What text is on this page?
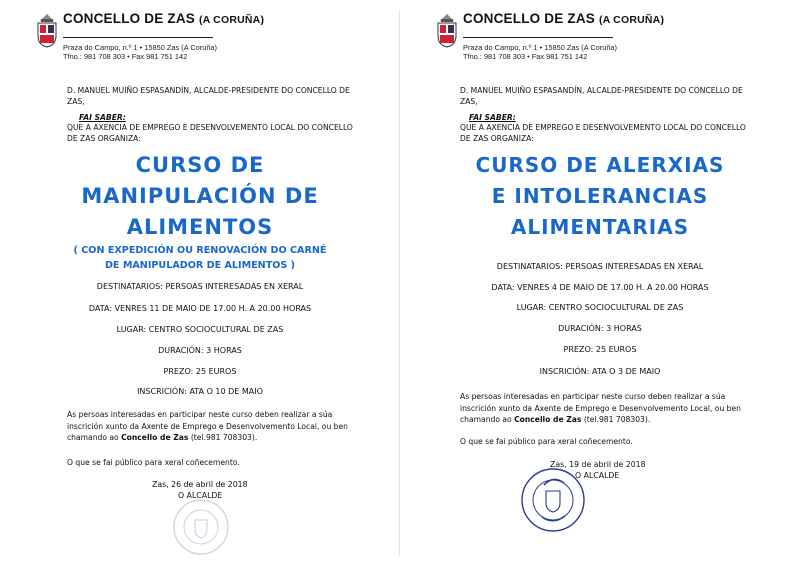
CONCELLO DE ZAS (A CORUÑA)
Praza do Campo, n.º 1 • 15850 Zas (A Coruña)
Tfno.: 981 708 303 • Fax 981 751 142
D. MANUEL MUIÑO ESPASANDÍN, ALCALDE-PRESIDENTE DO CONCELLO DE
ZAS,
FAI SABER:
QUE A AXENCIA DE EMPREGO E DESENVOLVEMENTO LOCAL DO CONCELLO
DE ZAS ORGANIZA:
CURSO DE
MANIPULACIÓN DE
ALIMENTOS
( CON EXPEDICIÓN OU RENOVACIÓN DO CARNÉ
DE MANIPULADOR DE ALIMENTOS )
DESTINATARIOS: PERSOAS INTERESADAS EN XERAL
DATA: VENRES 11 DE MAIO DE 17.00 H. A 20.00 HORAS
LUGAR: CENTRO SOCIOCULTURAL DE ZAS
DURACIÓN: 3 HORAS
PREZO: 25 EUROS
INSCRICIÓN: ATA O 10 DE MAIO
As persoas interesadas en participar neste curso deben realizar a súa
inscrición xunto da Axente de Emprego e Desenvolvemento Local, ou ben
chamando ao Concello de Zas (tel.981 708303).
O que se fai público para xeral coñecemento.
Zas, 26 de abril de 2018
O ALCALDE
CONCELLO DE ZAS (A CORUÑA)
Praza do Campo, n.º 1 • 15850 Zas (A Coruña)
Tfno.: 981 708 303 • Fax 981 751 142
D. MANUEL MUIÑO ESPASANDÍN, ALCALDE-PRESIDENTE DO CONCELLO DE
ZAS,
FAI SABER:
QUE A AXENCIA DE EMPREGO E DESENVOLVEMENTO LOCAL DO CONCELLO
DE ZAS ORGANIZA:
CURSO DE ALERXIAS
E INTOLERANCIAS
ALIMENTARIAS
DESTINATARIOS: PERSOAS INTERESADAS EN XERAL
DATA: VENRES 4 DE MAIO DE 17.00 H. A 20.00 HORAS
LUGAR: CENTRO SOCIOCULTURAL DE ZAS
DURACIÓN: 3 HORAS
PREZO: 25 EUROS
INSCRICIÓN: ATA O 3 DE MAIO
As persoas interesadas en participar neste curso deben realizar a súa
inscrición xunto da Axente de Emprego e Desenvolvemento Local, ou ben
chamando ao Concello de Zas (tel.981 708303).
O que se fai público para xeral coñecemento.
Zas, 19 de abril de 2018
O ALCALDE
